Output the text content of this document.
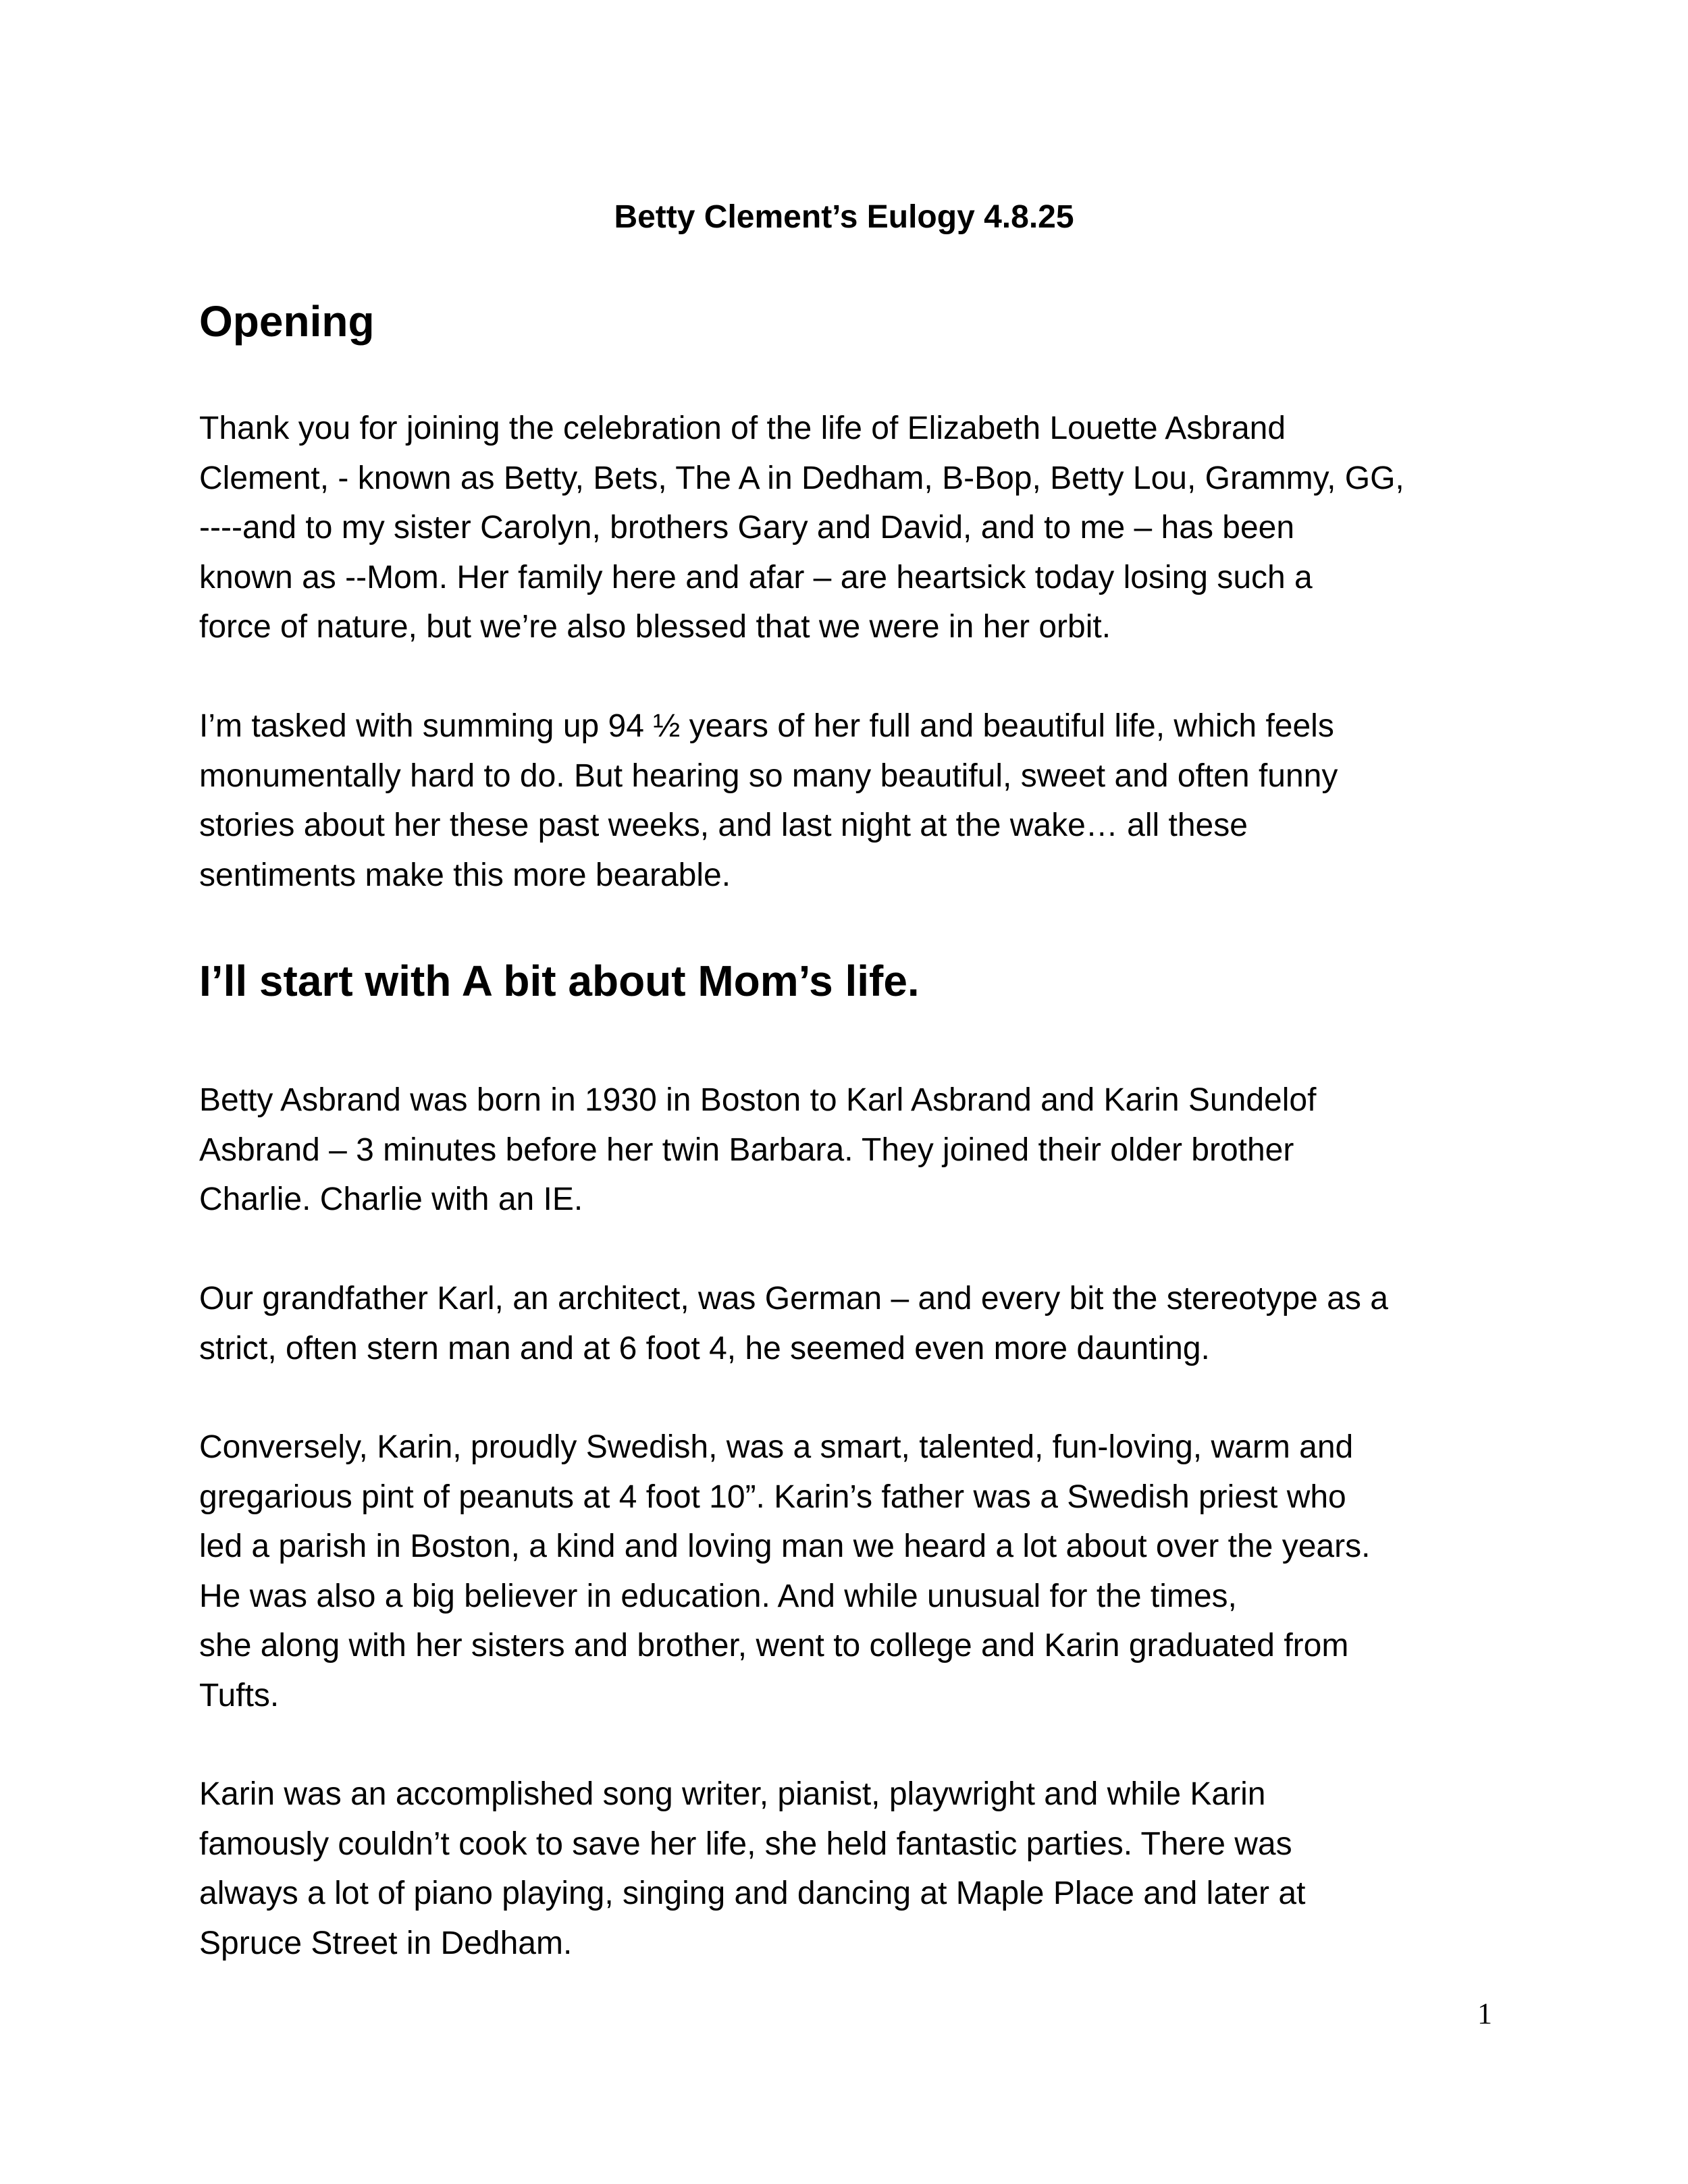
Betty Clement’s Eulogy 4.8.25
Opening

Thank you for joining the celebration of the life of Elizabeth Louette Asbrand
Clement, - known as Betty, Bets, The A in Dedham, B-Bop, Betty Lou, Grammy, GG,
----and to my sister Carolyn, brothers Gary and David, and to me – has been
known as --Mom. Her family here and afar – are heartsick today losing such a
force of nature, but we’re also blessed that we were in her orbit.

I’m tasked with summing up 94 ½ years of her full and beautiful life, which feels
monumentally hard to do. But hearing so many beautiful, sweet and often funny
stories about her these past weeks, and last night at the wake… all these
sentiments make this more bearable.

I’ll start with A bit about Mom’s life.

Betty Asbrand was born in 1930 in Boston to Karl Asbrand and Karin Sundelof
Asbrand – 3 minutes before her twin Barbara. They joined their older brother
Charlie. Charlie with an IE.

Our grandfather Karl, an architect, was German – and every bit the stereotype as a
strict, often stern man and at 6 foot 4, he seemed even more daunting.

Conversely, Karin, proudly Swedish, was a smart, talented, fun-loving, warm and
gregarious pint of peanuts at 4 foot 10”. Karin’s father was a Swedish priest who
led a parish in Boston, a kind and loving man we heard a lot about over the years.
He was also a big believer in education. And while unusual for the times,
she along with her sisters and brother, went to college and Karin graduated from
Tufts.

Karin was an accomplished song writer, pianist, playwright and while Karin
famously couldn’t cook to save her life, she held fantastic parties. There was
always a lot of piano playing, singing and dancing at Maple Place and later at
Spruce Street in Dedham.

1
